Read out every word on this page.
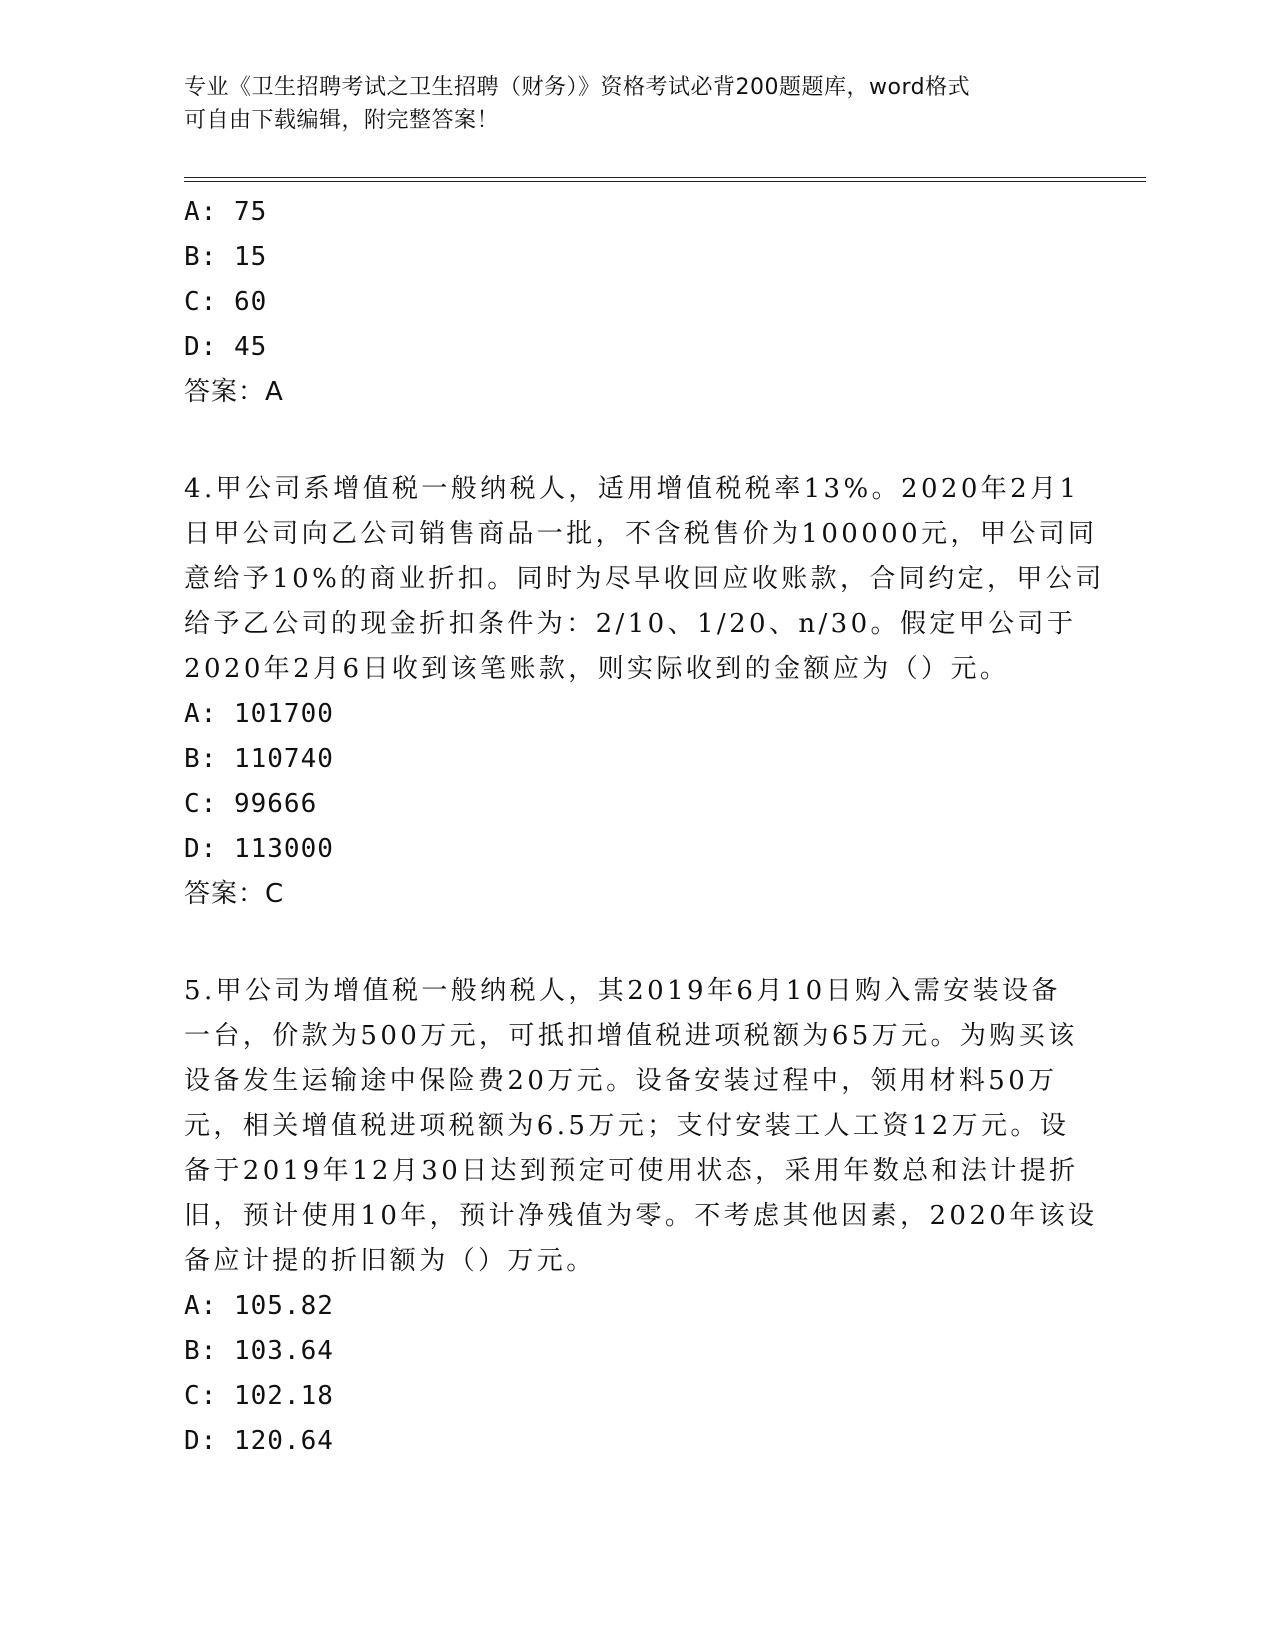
专业《卫生招聘考试之卫生招聘（财务）》资格考试必背200题题库，word格式
可自由下载编辑，附完整答案！
A: 75
B: 15
C: 60
D: 45
答案：A
4.甲公司系增值税一般纳税人，适用增值税税率13%。2020年2月1
日甲公司向乙公司销售商品一批，不含税售价为100000元，甲公司同
意给予10%的商业折扣。同时为尽早收回应收账款，合同约定，甲公司
给予乙公司的现金折扣条件为：2/10、1/20、n/30。假定甲公司于
2020年2月6日收到该笔账款，则实际收到的金额应为（）元。
A: 101700
B: 110740
C: 99666
D: 113000
答案：C
5.甲公司为增值税一般纳税人，其2019年6月10日购入需安装设备
一台，价款为500万元，可抵扣增值税进项税额为65万元。为购买该
设备发生运输途中保险费20万元。设备安装过程中，领用材料50万
元，相关增值税进项税额为6.5万元；支付安装工人工资12万元。设
备于2019年12月30日达到预定可使用状态，采用年数总和法计提折
旧，预计使用10年，预计净残值为零。不考虑其他因素，2020年该设
备应计提的折旧额为（）万元。
A: 105.82
B: 103.64
C: 102.18
D: 120.64
